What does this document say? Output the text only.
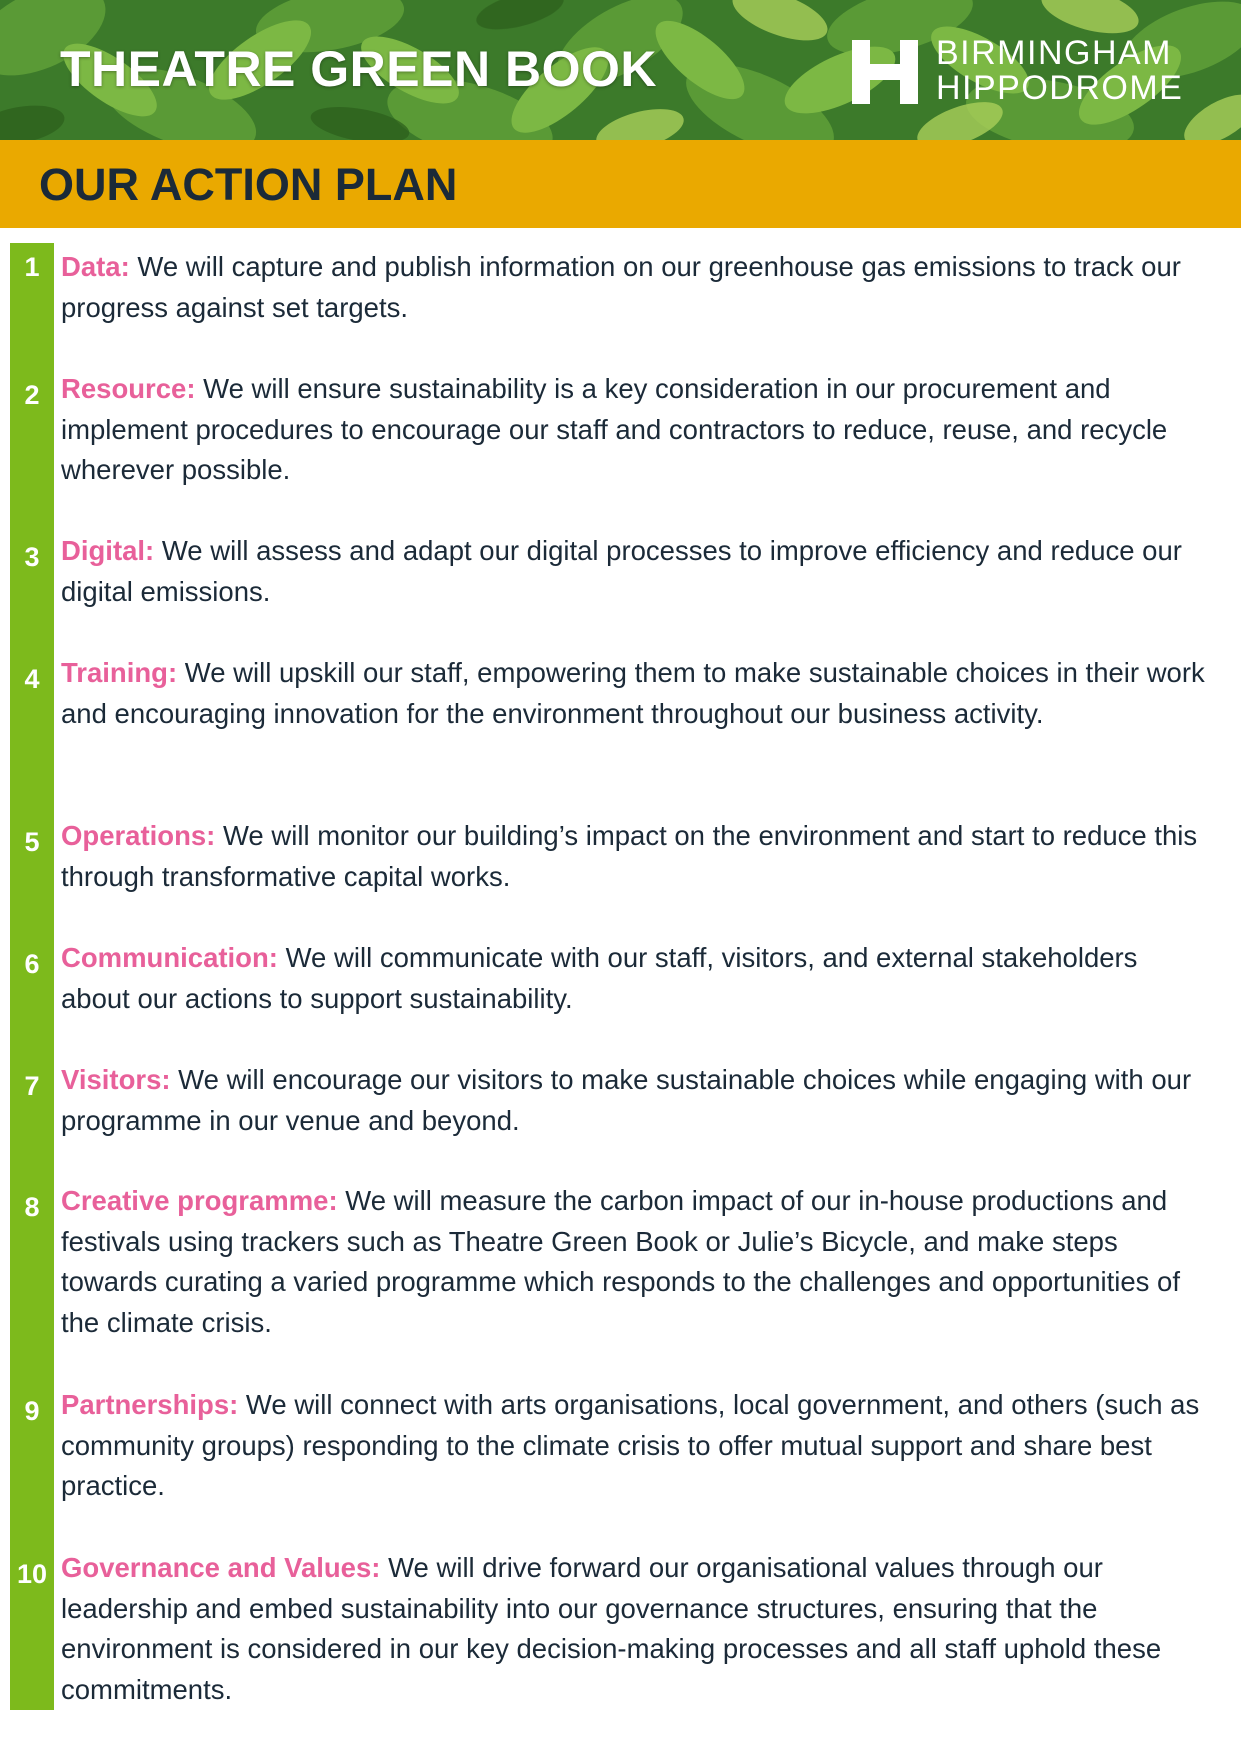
THEATRE GREEN BOOK	BIRMINGHAM
HIPPODROME
OUR ACTION PLAN
1 Data: We will capture and publish information on our greenhouse gas emissions to track our progress against set targets.

2 Resource: We will ensure sustainability is a key consideration in our procurement and implement procedures to encourage our staff and contractors to reduce, reuse, and recycle wherever possible.

3 Digital: We will assess and adapt our digital processes to improve efficiency and reduce our digital emissions.

4 Training: We will upskill our staff, empowering them to make sustainable choices in their work and encouraging innovation for the environment throughout our business activity.

5 Operations: We will monitor our building’s impact on the environment and start to reduce this through transformative capital works.

6 Communication: We will communicate with our staff, visitors, and external stakeholders about our actions to support sustainability.

7 Visitors: We will encourage our visitors to make sustainable choices while engaging with our programme in our venue and beyond.

8 Creative programme: We will measure the carbon impact of our in-house productions and festivals using trackers such as Theatre Green Book or Julie’s Bicycle, and make steps towards curating a varied programme which responds to the challenges and opportunities of the climate crisis.

9 Partnerships: We will connect with arts organisations, local government, and others (such as community groups) responding to the climate crisis to offer mutual support and share best practice.

10 Governance and Values: We will drive forward our organisational values through our leadership and embed sustainability into our governance structures, ensuring that the environment is considered in our key decision-making processes and all staff uphold these commitments.
